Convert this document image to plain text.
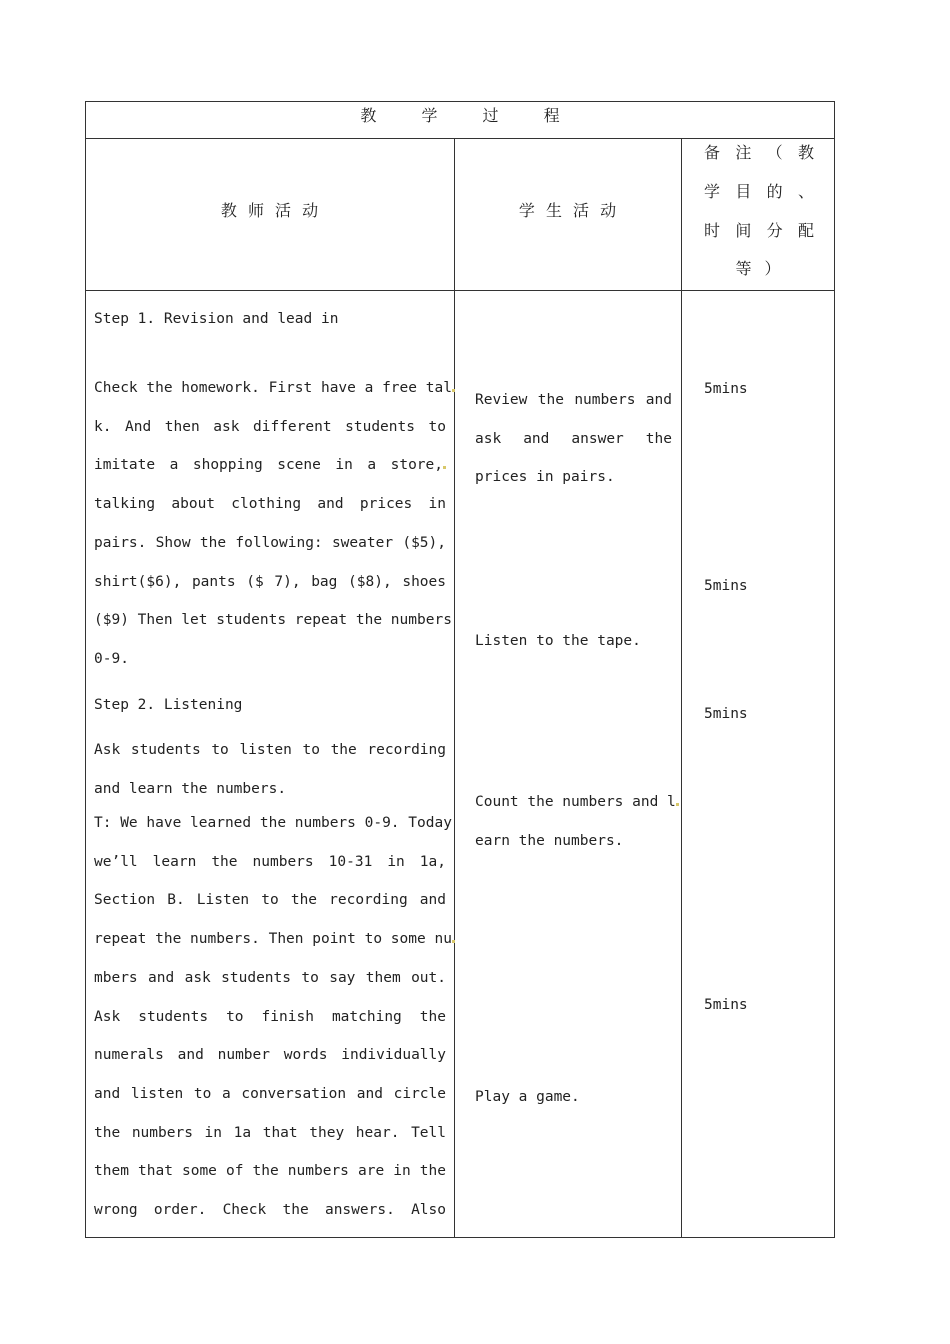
教 学 过 程
教 师 活 动	学 生 活 动
备 注 （ 教
学 目 的 、
时 间 分 配
等 ）
Step 1. Revision and lead in
Check the homework. First have a free tal
k. And then ask different students to
imitate a shopping scene in a store,
talking about clothing and prices in
pairs. Show the following: sweater ($5),
shirt($6), pants ($ 7), bag ($8), shoes
($9) Then let students repeat the numbers
0-9.
Step 2. Listening
Ask students to listen to the recording
and learn the numbers.
T: We have learned the numbers 0-9. Today
we’ll learn the numbers 10-31 in 1a,
Section B. Listen to the recording and
repeat the numbers. Then point to some nu
mbers and ask students to say them out.
Ask students to finish matching the
numerals and number words individually
and listen to a conversation and circle
the numbers in 1a that they hear. Tell
them that some of the numbers are in the
wrong order. Check the answers. Also
Review the numbers and
ask and answer the
prices in pairs.
Listen to the tape.
Count the numbers and l
earn the numbers.
Play a game.
5mins
5mins
5mins
5mins
